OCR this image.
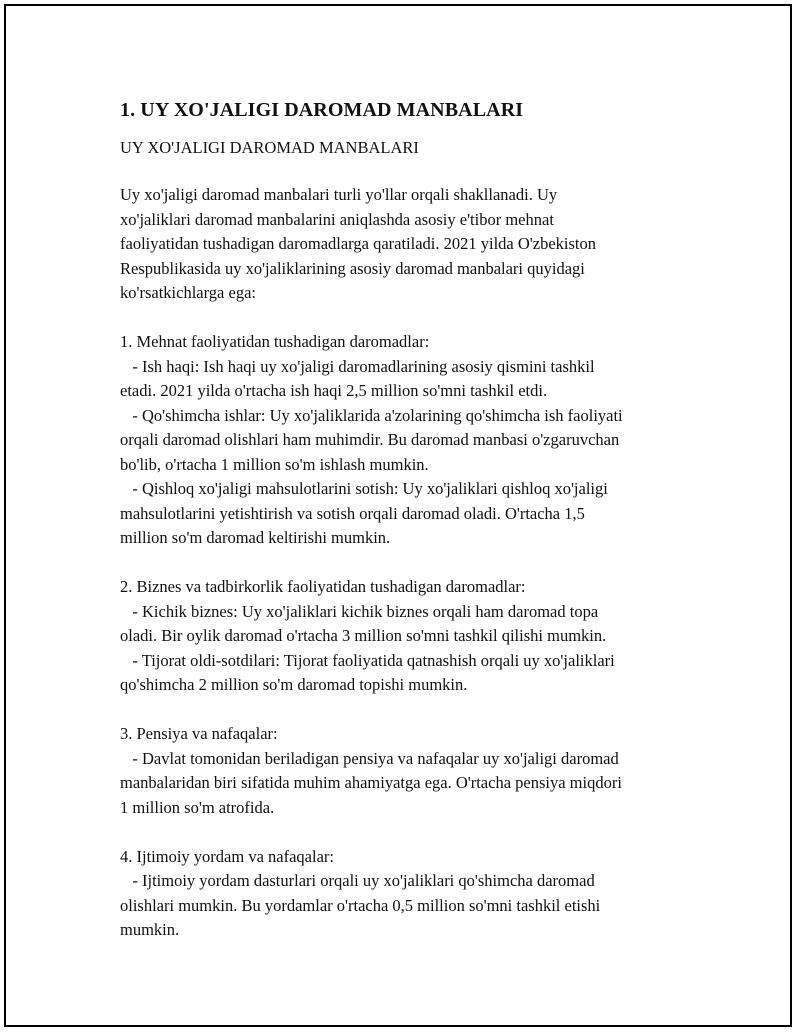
1. UY XO'JALIGI DAROMAD MANBALARI
UY XO'JALIGI DAROMAD MANBALARI
Uy xo'jaligi daromad manbalari turli yo'llar orqali shakllanadi. Uy
xo'jaliklari daromad manbalarini aniqlashda asosiy e'tibor mehnat
faoliyatidan tushadigan daromadlarga qaratiladi. 2021 yilda O'zbekiston
Respublikasida uy xo'jaliklarining asosiy daromad manbalari quyidagi
ko'rsatkichlarga ega:

1. Mehnat faoliyatidan tushadigan daromadlar:
- Ish haqi: Ish haqi uy xo'jaligi daromadlarining asosiy qismini tashkil
etadi. 2021 yilda o'rtacha ish haqi 2,5 million so'mni tashkil etdi.
- Qo'shimcha ishlar: Uy xo'jaliklarida a'zolarining qo'shimcha ish faoliyati
orqali daromad olishlari ham muhimdir. Bu daromad manbasi o'zgaruvchan
bo'lib, o'rtacha 1 million so'm ishlash mumkin.
- Qishloq xo'jaligi mahsulotlarini sotish: Uy xo'jaliklari qishloq xo'jaligi
mahsulotlarini yetishtirish va sotish orqali daromad oladi. O'rtacha 1,5
million so'm daromad keltirishi mumkin.

2. Biznes va tadbirkorlik faoliyatidan tushadigan daromadlar:
- Kichik biznes: Uy xo'jaliklari kichik biznes orqali ham daromad topa
oladi. Bir oylik daromad o'rtacha 3 million so'mni tashkil qilishi mumkin.
- Tijorat oldi-sotdilari: Tijorat faoliyatida qatnashish orqali uy xo'jaliklari
qo'shimcha 2 million so'm daromad topishi mumkin.

3. Pensiya va nafaqalar:
- Davlat tomonidan beriladigan pensiya va nafaqalar uy xo'jaligi daromad
manbalaridan biri sifatida muhim ahamiyatga ega. O'rtacha pensiya miqdori
1 million so'm atrofida.

4. Ijtimoiy yordam va nafaqalar:
- Ijtimoiy yordam dasturlari orqali uy xo'jaliklari qo'shimcha daromad
olishlari mumkin. Bu yordamlar o'rtacha 0,5 million so'mni tashkil etishi
mumkin.
